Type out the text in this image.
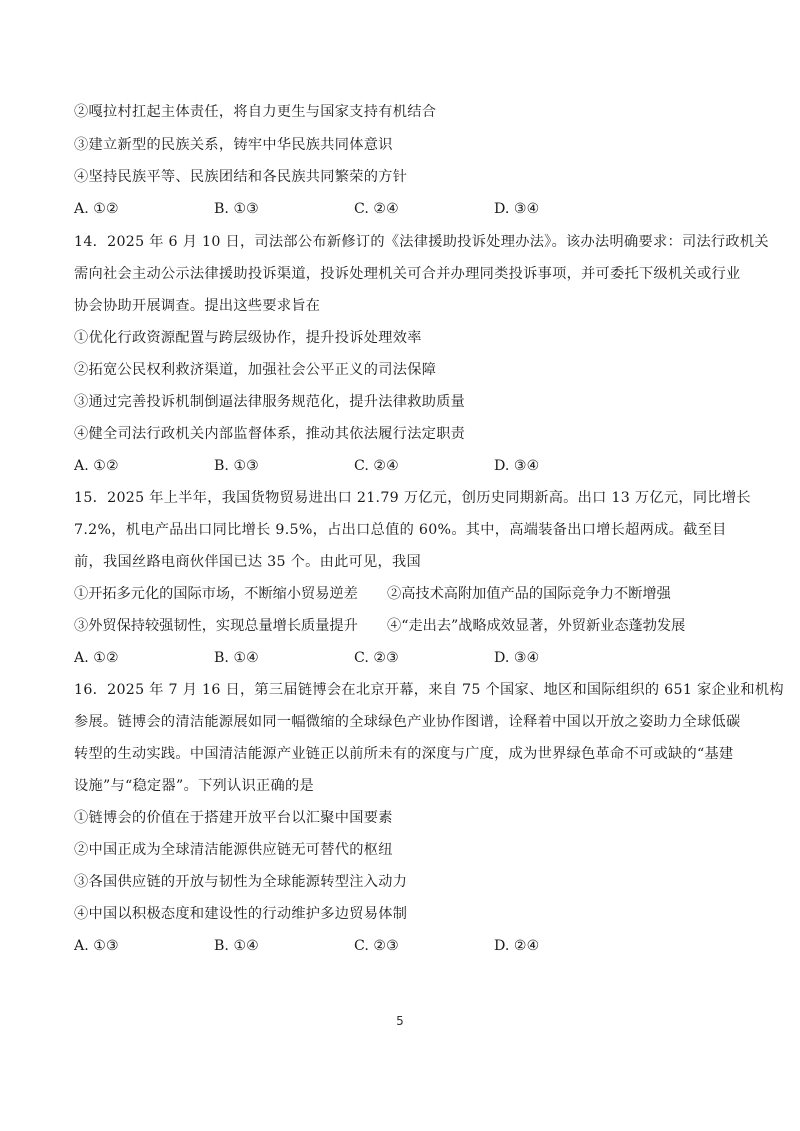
②嘎拉村扛起主体责任，将自力更生与国家支持有机结合
③建立新型的民族关系，铸牢中华民族共同体意识
④坚持民族平等、民族团结和各民族共同繁荣的方针
A. ①②	B. ①③	C. ②④	D. ③④
14．2025 年 6 月 10 日，司法部公布新修订的《法律援助投诉处理办法》。该办法明确要求：司法行政机关
需向社会主动公示法律援助投诉渠道，投诉处理机关可合并办理同类投诉事项，并可委托下级机关或行业
协会协助开展调查。提出这些要求旨在
①优化行政资源配置与跨层级协作，提升投诉处理效率
②拓宽公民权利救济渠道，加强社会公平正义的司法保障
③通过完善投诉机制倒逼法律服务规范化，提升法律救助质量
④健全司法行政机关内部监督体系，推动其依法履行法定职责
A. ①②	B. ①③	C. ②④	D. ③④
15．2025 年上半年，我国货物贸易进出口 21.79 万亿元，创历史同期新高。出口 13 万亿元，同比增长
7.2%，机电产品出口同比增长 9.5%，占出口总值的 60%。其中，高端装备出口增长超两成。截至目
前，我国丝路电商伙伴国已达 35 个。由此可见，我国
①开拓多元化的国际市场，不断缩小贸易逆差 ②高技术高附加值产品的国际竞争力不断增强
③外贸保持较强韧性，实现总量增长质量提升 ④“走出去”战略成效显著，外贸新业态蓬勃发展
A. ①②	B. ①④	C. ②③	D. ③④
16．2025 年 7 月 16 日，第三届链博会在北京开幕，来自 75 个国家、地区和国际组织的 651 家企业和机构
参展。链博会的清洁能源展如同一幅微缩的全球绿色产业协作图谱，诠释着中国以开放之姿助力全球低碳
转型的生动实践。中国清洁能源产业链正以前所未有的深度与广度，成为世界绿色革命不可或缺的“基建
设施”与“稳定器”。下列认识正确的是
①链博会的价值在于搭建开放平台以汇聚中国要素
②中国正成为全球清洁能源供应链无可替代的枢纽
③各国供应链的开放与韧性为全球能源转型注入动力
④中国以积极态度和建设性的行动维护多边贸易体制
A. ①③	B. ①④	C. ②③	D. ②④
5
